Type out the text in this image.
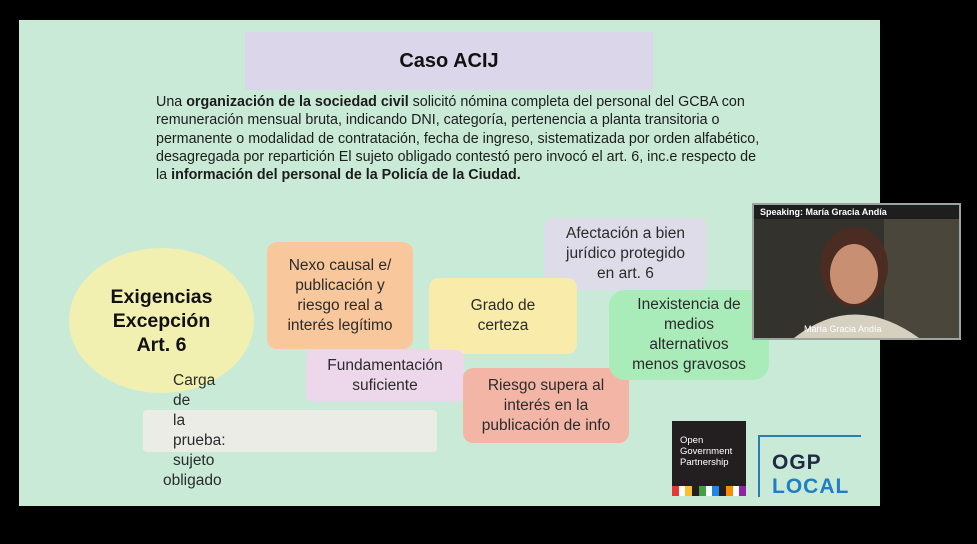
Caso ACIJ
Una organización de la sociedad civil solicitó nómina completa del personal del GCBA con remuneración mensual bruta, indicando DNI, categoría, pertenencia a planta transitoria o permanente o modalidad de contratación, fecha de ingreso, sistematizada por orden alfabético, desagregada por repartición El sujeto obligado contestó pero invocó el art. 6, inc.e respecto de la información del personal de la Policía de la Ciudad.
Exigencias
Excepción
Art. 6
Nexo causal e/
publicación y
riesgo real a
interés legítimo
Afectación a bien
jurídico protegido
en art. 6
Grado de
certeza
Fundamentación
suficiente	Riesgo supera al
interés en la
publicación de info
Inexistencia de
medios
alternativos
menos gravosos
Carga
de
la
prueba:
sujeto
obligado
Open
Government
Partnership	OGP
LOCAL
Speaking: María Gracia Andía
María Gracia Andía
